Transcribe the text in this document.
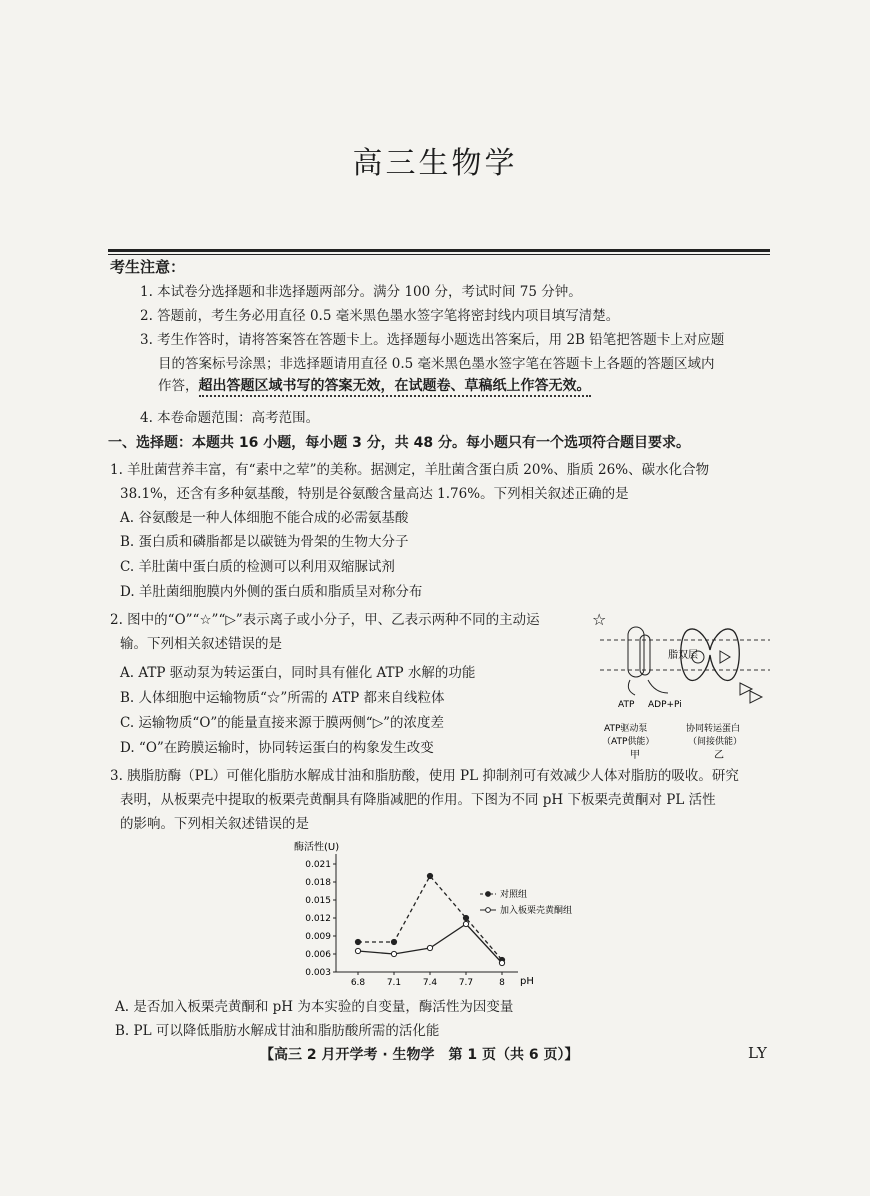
高三生物学
考生注意：
1. 本试卷分选择题和非选择题两部分。满分 100 分，考试时间 75 分钟。
2. 答题前，考生务必用直径 0.5 毫米黑色墨水签字笔将密封线内项目填写清楚。
3. 考生作答时，请将答案答在答题卡上。选择题每小题选出答案后，用 2B 铅笔把答题卡上对应题
目的答案标号涂黑；非选择题请用直径 0.5 毫米黑色墨水签字笔在答题卡上各题的答题区域内
作答，超出答题区域书写的答案无效，在试题卷、草稿纸上作答无效。
4. 本卷命题范围：高考范围。
一、选择题：本题共 16 小题，每小题 3 分，共 48 分。每小题只有一个选项符合题目要求。
1. 羊肚菌营养丰富，有“素中之荤”的美称。据测定，羊肚菌含蛋白质 20%、脂质 26%、碳水化合物
38.1%，还含有多种氨基酸，特别是谷氨酸含量高达 1.76%。下列相关叙述正确的是
A. 谷氨酸是一种人体细胞不能合成的必需氨基酸
B. 蛋白质和磷脂都是以碳链为骨架的生物大分子
C. 羊肚菌中蛋白质的检测可以利用双缩脲试剂
D. 羊肚菌细胞膜内外侧的蛋白质和脂质呈对称分布
2. 图中的“O”“☆”“▷”表示离子或小分子，甲、乙表示两种不同的主动运
输。下列相关叙述错误的是
A. ATP 驱动泵为转运蛋白，同时具有催化 ATP 水解的功能
B. 人体细胞中运输物质“☆”所需的 ATP 都来自线粒体
C. 运输物质“O”的能量直接来源于膜两侧“▷”的浓度差
D. “O”在跨膜运输时，协同转运蛋白的构象发生改变
☆
脂双层
ATP ADP+Pi
ATP驱动泵
（ATP供能）
甲
协同转运蛋白
（间接供能）
乙
3. 胰脂肪酶（PL）可催化脂肪水解成甘油和脂肪酸，使用 PL 抑制剂可有效减少人体对脂肪的吸收。研究
表明，从板栗壳中提取的板栗壳黄酮具有降脂减肥的作用。下图为不同 pH 下板栗壳黄酮对 PL 活性
的影响。下列相关叙述错误的是
酶活性(U)
pH
0.003
0.006
0.009
0.012
0.015
0.018
0.021
6.8 7.1 7.4 7.7	8
对照组
加入板栗壳黄酮组
A. 是否加入板栗壳黄酮和 pH 为本实验的自变量，酶活性为因变量
B. PL 可以降低脂肪水解成甘油和脂肪酸所需的活化能
【高三 2 月开学考 · 生物学　第 1 页（共 6 页）】	LY
